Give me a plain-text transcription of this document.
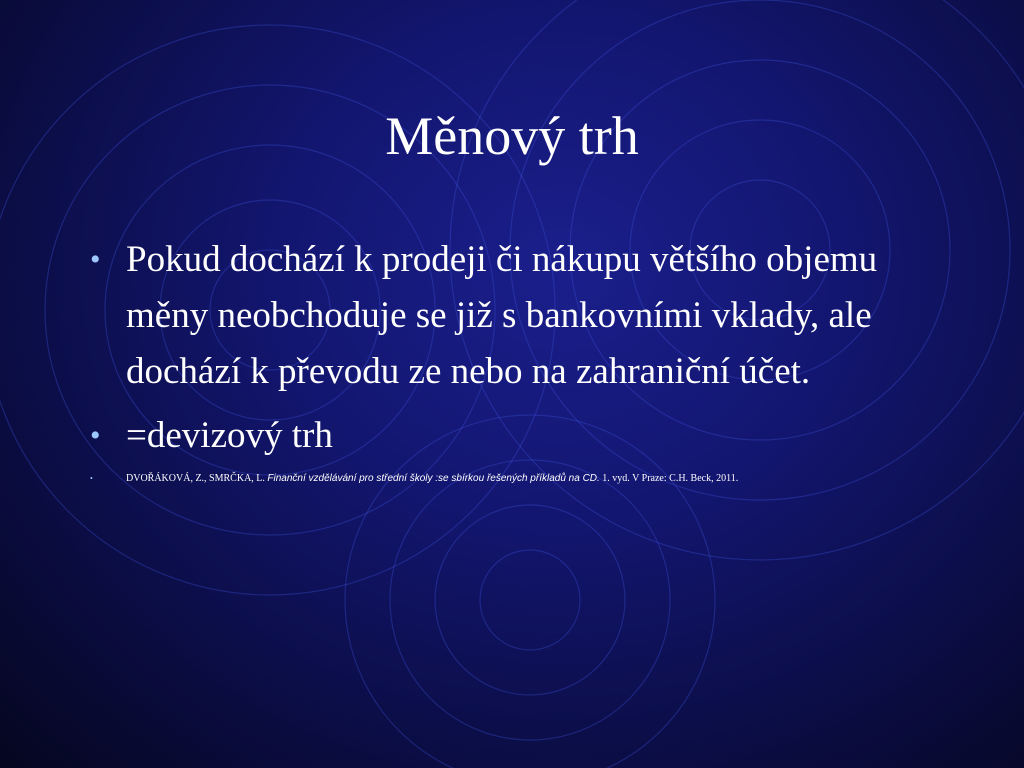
Měnový trh
• Pokud dochází k prodeji či nákupu většího objemu měny neobchoduje se již s bankovními vklady, ale dochází k převodu ze nebo na zahraniční účet.
• =devizový trh
•	DVOŘÁKOVÁ, Z., SMRČKA, L. Finanční vzdělávání pro střední školy :se sbírkou řešených příkladů na CD. 1. vyd. V Praze: C.H. Beck, 2011.
